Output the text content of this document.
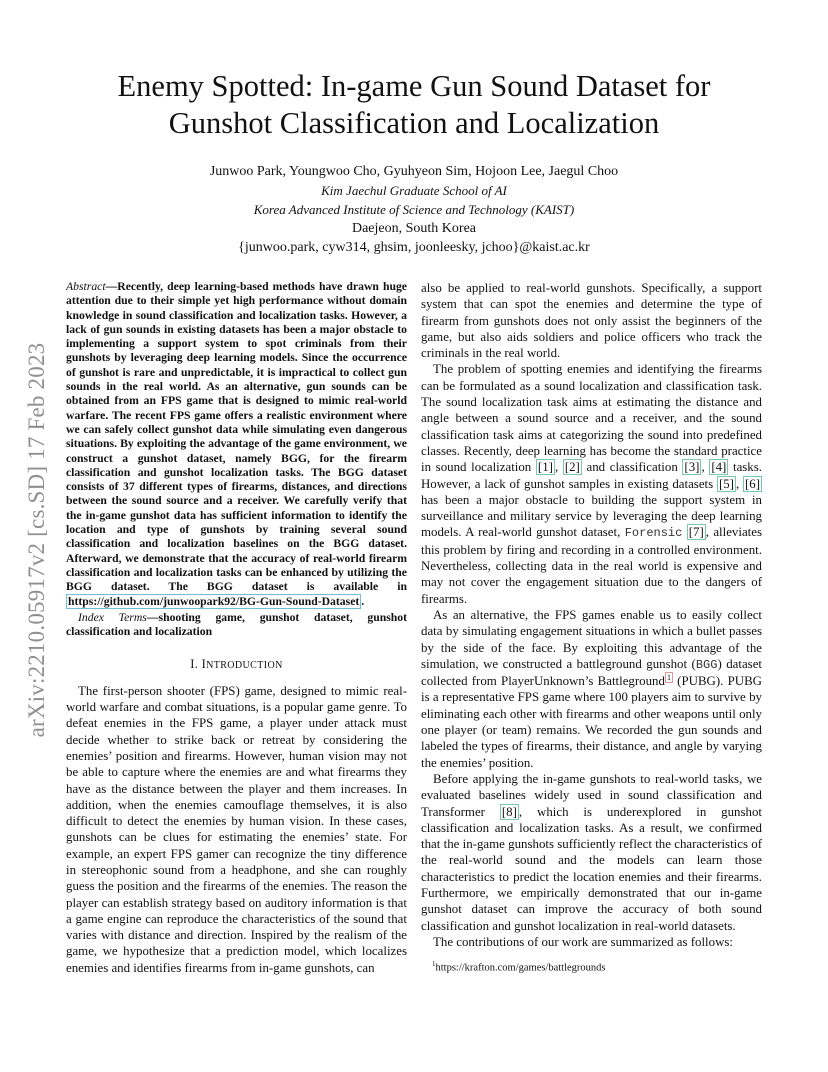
arXiv:2210.05917v2 [cs.SD] 17 Feb 2023
Enemy Spotted: In-game Gun Sound Dataset for
Gunshot Classification and Localization
Junwoo Park, Youngwoo Cho, Gyuhyeon Sim, Hojoon Lee, Jaegul Choo
Kim Jaechul Graduate School of AI
Korea Advanced Institute of Science and Technology (KAIST)
Daejeon, South Korea
{junwoo.park, cyw314, ghsim, joonleesky, jchoo}@kaist.ac.kr

Abstract—Recently, deep learning-based methods have drawn huge attention due to their simple yet high performance without domain knowledge in sound classification and localization tasks. However, a lack of gun sounds in existing datasets has been a major obstacle to implementing a support system to spot criminals from their gunshots by leveraging deep learning models. Since the occurrence of gunshot is rare and unpredictable, it is impractical to collect gun sounds in the real world. As an alternative, gun sounds can be obtained from an FPS game that is designed to mimic real-world warfare. The recent FPS game offers a realistic environment where we can safely collect gunshot data while simulating even dangerous situations. By exploiting the advantage of the game environment, we construct a gunshot dataset, namely BGG, for the firearm classification and gunshot localization tasks. The BGG dataset consists of 37 different types of firearms, distances, and directions between the sound source and a receiver. We carefully verify that the in-game gunshot data has sufficient information to identify the location and type of gunshots by training several sound classification and localization baselines on the BGG dataset. Afterward, we demonstrate that the accuracy of real-world firearm classification and localization tasks can be enhanced by utilizing the BGG dataset. The BGG dataset is available in https://github.com/junwoopark92/BG-Gun-Sound-Dataset .

Index Terms—shooting game, gunshot dataset, gunshot classification and localization

I. INTRODUCTION

The first-person shooter (FPS) game, designed to mimic real-world warfare and combat situations, is a popular game genre. To defeat enemies in the FPS game, a player under attack must decide whether to strike back or retreat by considering the enemies’ position and firearms. However, human vision may not be able to capture where the enemies are and what firearms they have as the distance between the player and them increases. In addition, when the enemies camouflage themselves, it is also difficult to detect the enemies by human vision. In these cases, gunshots can be clues for estimating the enemies’ state. For example, an expert FPS gamer can recognize the tiny difference in stereophonic sound from a headphone, and she can roughly guess the position and the firearms of the enemies. The reason the player can establish strategy based on auditory information is that a game engine can reproduce the characteristics of the sound that varies with distance and direction. Inspired by the realism of the game, we hypothesize that a prediction model, which localizes enemies and identifies firearms from in-game gunshots, can

also be applied to real-world gunshots. Specifically, a support system that can spot the enemies and determine the type of firearm from gunshots does not only assist the beginners of the game, but also aids soldiers and police officers who track the criminals in the real world.

The problem of spotting enemies and identifying the firearms can be formulated as a sound localization and classification task. The sound localization task aims at estimating the distance and angle between a sound source and a receiver, and the sound classification task aims at categorizing the sound into predefined classes. Recently, deep learning has become the standard practice in sound localization [1] , [2] and classification [3] , [4] tasks. However, a lack of gunshot samples in existing datasets [5] , [6] has been a major obstacle to building the support system in surveillance and military service by leveraging the deep learning models. A real-world gunshot dataset, Forensic [7] , alleviates this problem by firing and recording in a controlled environment. Nevertheless, collecting data in the real world is expensive and may not cover the engagement situation due to the dangers of firearms.

As an alternative, the FPS games enable us to easily collect data by simulating engagement situations in which a bullet passes by the side of the face. By exploiting this advantage of the simulation, we constructed a battleground gunshot (BGG) dataset collected from PlayerUnknown’s Battleground $^1$ (PUBG). PUBG is a representative FPS game where 100 players aim to survive by eliminating each other with firearms and other weapons until only one player (or team) remains. We recorded the gun sounds and labeled the types of firearms, their distance, and angle by varying the enemies’ position.

Before applying the in-game gunshots to real-world tasks, we evaluated baselines widely used in sound classification and Transformer [8] , which is underexplored in gunshot classification and localization tasks. As a result, we confirmed that the in-game gunshots sufficiently reflect the characteristics of the real-world sound and the models can learn those characteristics to predict the location enemies and their firearms. Furthermore, we empirically demonstrated that our in-game gunshot dataset can improve the accuracy of both sound classification and gunshot localization in real-world datasets.

The contributions of our work are summarized as follows:

$^1$https://krafton.com/games/battlegrounds
